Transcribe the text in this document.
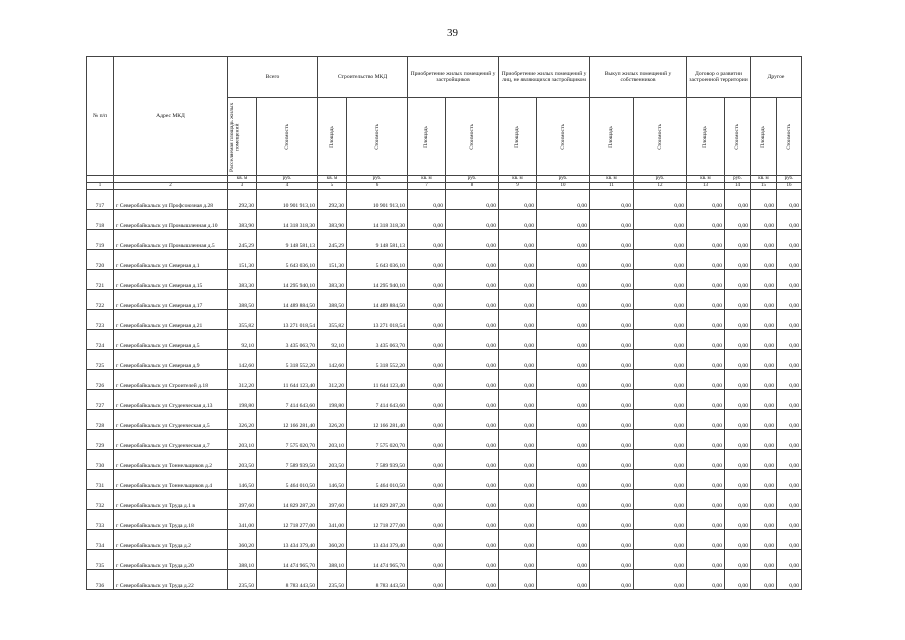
39
№ п/п	Адрес МКД	Всего		Строительство МКД		Приобретение жилых помещений у застройщиков		Приобретение жилых помещений у лиц, не являющихся застройщиком		Выкуп жилых помещений у собственников		Договор о развитии застроенной территории		Другое	

		Расселяемая площадь жилых помещений	Стоимость	Площадь	Стоимость	Площадь	Стоимость	Площадь	Стоимость	Площадь	Стоимость	Площадь	Стоимость	Площадь	Стоимость

		кв. м	руб.	кв. м	руб.	кв. м	руб.	кв. м	руб.	кв. м	руб.	кв. м	руб.	кв. м	руб.
1	2	3	4	5	6	7	8	9	10	11	12	13	14	15	16
717	г Северобайкальск ул Профсоюзная д.28	292,30	10 901 913,10	292,30	10 901 913,10	0,00	0,00	0,00	0,00	0,00	0,00	0,00	0,00	0,00	0,00
718	г Северобайкальск ул Промышленная д.10	383,90	14 318 318,30	383,90	14 318 318,30	0,00	0,00	0,00	0,00	0,00	0,00	0,00	0,00	0,00	0,00
719	г Северобайкальск ул Промышленная д.5	245,29	9 148 581,13	245,29	9 148 581,13	0,00	0,00	0,00	0,00	0,00	0,00	0,00	0,00	0,00	0,00
720	г Северобайкальск ул Северная д.1	151,30	5 643 036,10	151,30	5 643 036,10	0,00	0,00	0,00	0,00	0,00	0,00	0,00	0,00	0,00	0,00
721	г Северобайкальск ул Северная д.15	383,30	14 295 940,10	383,30	14 295 940,10	0,00	0,00	0,00	0,00	0,00	0,00	0,00	0,00	0,00	0,00
722	г Северобайкальск ул Северная д.17	388,50	14 489 884,50	388,50	14 489 884,50	0,00	0,00	0,00	0,00	0,00	0,00	0,00	0,00	0,00	0,00
723	г Северобайкальск ул Северная д.21	355,82	13 271 018,54	355,82	13 271 018,54	0,00	0,00	0,00	0,00	0,00	0,00	0,00	0,00	0,00	0,00
724	г Северобайкальск ул Северная д.5	92,10	3 435 063,70	92,10	3 435 063,70	0,00	0,00	0,00	0,00	0,00	0,00	0,00	0,00	0,00	0,00
725	г Северобайкальск ул Северная д.9	142,60	5 318 552,20	142,60	5 318 552,20	0,00	0,00	0,00	0,00	0,00	0,00	0,00	0,00	0,00	0,00
726	г Северобайкальск ул Строителей д.18	312,20	11 644 123,40	312,20	11 644 123,40	0,00	0,00	0,00	0,00	0,00	0,00	0,00	0,00	0,00	0,00
727	г Северобайкальск ул Студенческая д.13	198,80	7 414 643,60	198,80	7 414 643,60	0,00	0,00	0,00	0,00	0,00	0,00	0,00	0,00	0,00	0,00
728	г Северобайкальск ул Студенческая д.5	326,20	12 166 281,40	326,20	12 166 281,40	0,00	0,00	0,00	0,00	0,00	0,00	0,00	0,00	0,00	0,00
729	г Северобайкальск ул Студенческая д.7	203,10	7 575 020,70	203,10	7 575 020,70	0,00	0,00	0,00	0,00	0,00	0,00	0,00	0,00	0,00	0,00
730	г Северобайкальск ул Тоннельщиков д.2	203,50	7 589 939,50	203,50	7 589 939,50	0,00	0,00	0,00	0,00	0,00	0,00	0,00	0,00	0,00	0,00
731	г Северобайкальск ул Тоннельщиков д.4	146,50	5 464 010,50	146,50	5 464 010,50	0,00	0,00	0,00	0,00	0,00	0,00	0,00	0,00	0,00	0,00
732	г Северобайкальск ул Труда д.1 в	397,60	14 829 287,20	397,60	14 829 287,20	0,00	0,00	0,00	0,00	0,00	0,00	0,00	0,00	0,00	0,00
733	г Северобайкальск ул Труда д.18	341,00	12 718 277,00	341,00	12 718 277,00	0,00	0,00	0,00	0,00	0,00	0,00	0,00	0,00	0,00	0,00
734	г Северобайкальск ул Труда д.2	360,20	13 434 379,40	360,20	13 434 379,40	0,00	0,00	0,00	0,00	0,00	0,00	0,00	0,00	0,00	0,00
735	г Северобайкальск ул Труда д.20	388,10	14 474 965,70	388,10	14 474 965,70	0,00	0,00	0,00	0,00	0,00	0,00	0,00	0,00	0,00	0,00
736	г Северобайкальск ул Труда д.22	235,50	8 783 443,50	235,50	8 783 443,50	0,00	0,00	0,00	0,00	0,00	0,00	0,00	0,00	0,00	0,00
